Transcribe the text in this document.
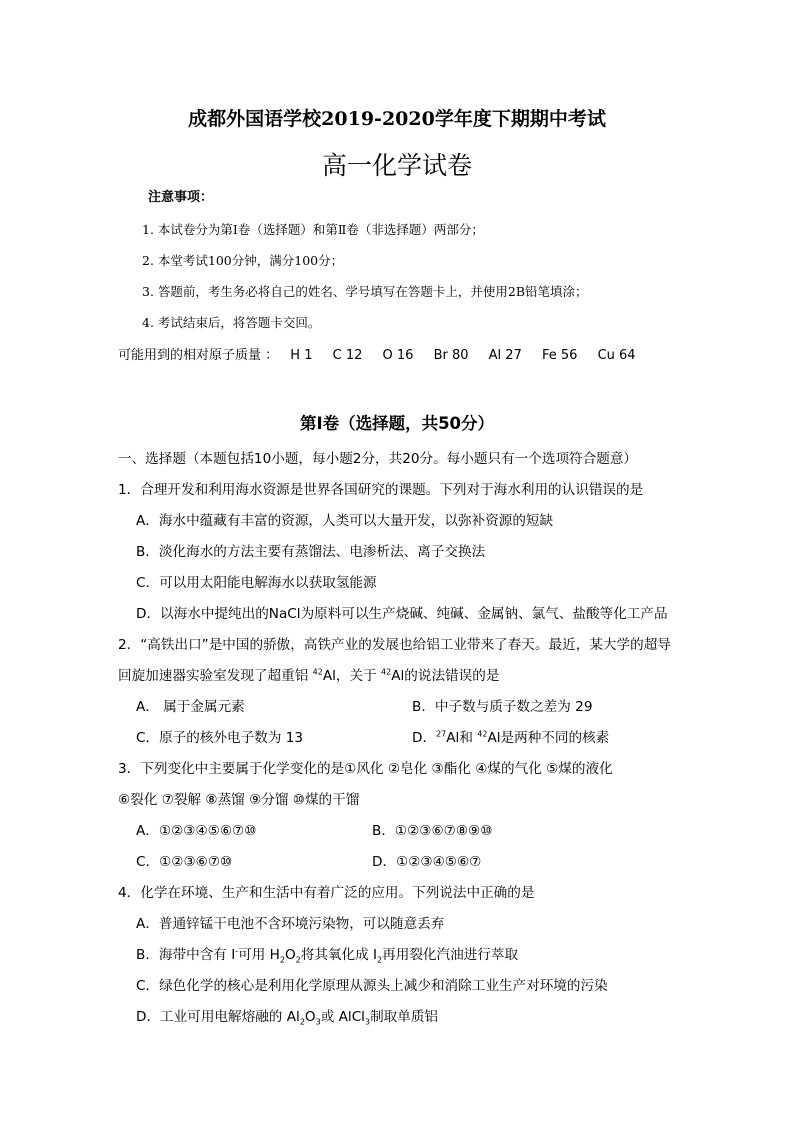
成都外国语学校2019-2020学年度下期期中考试
高一化学试卷
注意事项：
1. 本试卷分为第Ⅰ卷（选择题）和第Ⅱ卷（非选择题）两部分；
2. 本堂考试100分钟，满分100分；
3. 答题前，考生务必将自己的姓名、学号填写在答题卡上，并使用2B铅笔填涂；
4. 考试结束后，将答题卡交回。
可能用到的相对原子质量 ： H 1 C 12 O 16 Br 80 Al 27 Fe 56 Cu 64
第Ⅰ卷（选择题，共50分）
一、选择题（本题包括10小题，每小题2分，共20分。每小题只有一个选项符合题意）
1．合理开发和利用海水资源是世界各国研究的课题。下列对于海水利用的认识错误的是
A．海水中蕴藏有丰富的资源，人类可以大量开发，以弥补资源的短缺
B．淡化海水的方法主要有蒸馏法、电渗析法、离子交换法
C．可以用太阳能电解海水以获取氢能源
D．以海水中提纯出的NaCl为原料可以生产烧碱、纯碱、金属钠、氯气、盐酸等化工产品
2．“高铁出口”是中国的骄傲，高铁产业的发展也给铝工业带来了春天。最近，某大学的超导
回旋加速器实验室发现了超重铝 $^{42}$Al，关于 $^{42}$Al的说法错误的是
A． 属于金属元素	B．中子数与质子数之差为 29
C．原子的核外电子数为 13	D．$^{27}$Al和 $^{42}$Al是两种不同的核素
3．下列变化中主要属于化学变化的是①风化 ②皂化 ③酯化 ④煤的气化 ⑤煤的液化
⑥裂化 ⑦裂解 ⑧蒸馏 ⑨分馏 ⑩煤的干馏
A．①②③④⑤⑥⑦⑩	B．①②③⑥⑦⑧⑨⑩
C．①②③⑥⑦⑩	D．①②③④⑤⑥⑦
4．化学在环境、生产和生活中有着广泛的应用。下列说法中正确的是
A．普通锌锰干电池不含环境污染物，可以随意丢弃
B．海带中含有 I-可用 $H_2O_2$将其氧化成 $I_2$再用裂化汽油进行萃取
C．绿色化学的核心是利用化学原理从源头上减少和消除工业生产对环境的污染
D．工业可用电解熔融的 $Al_2O_3$或 AlCl$_3$制取单质铝
